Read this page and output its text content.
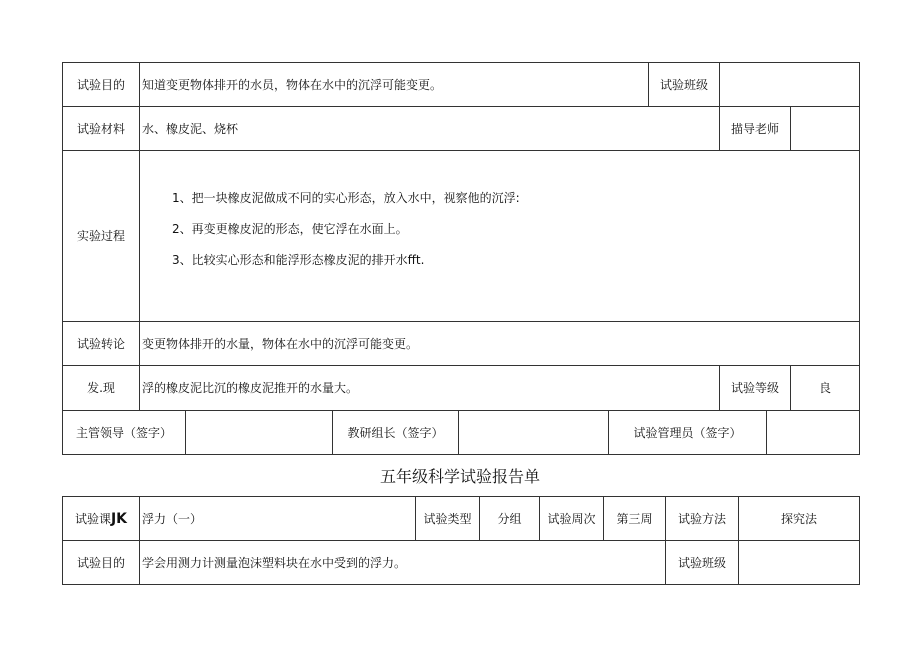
试验目的	知道变更物体排开的水员，物体在水中的沉浮可能变更。	试验班级		
试验材料	水、橡皮泥、烧杯		描导老师	
实验过程	1、把一块橡皮泥做成不冋的实心形态，放入水中，视察他的沉浮:
2、再变更橡皮泥的形态，使它浮在水面上。
3、比较实心形态和能浮形态橡皮泥的排开水fft.			

试验转论	变更物体排开的水量，物体在水中的沉浮可能变更。			
发.现	浮的橡皮泥比沉的橡皮泥推开的水量大。		试验等级	良
主管领导（签字）		教研组长（签字）		试验管理员（签字）	
五年级科学试验报告单
试验课JK	浮力（一）	试验类型	分组	试验周次	第三周	试验方法	探究法
试验目的	学会用测力计测量泡沫塑料块在水中受到的浮力。					试验班级	
